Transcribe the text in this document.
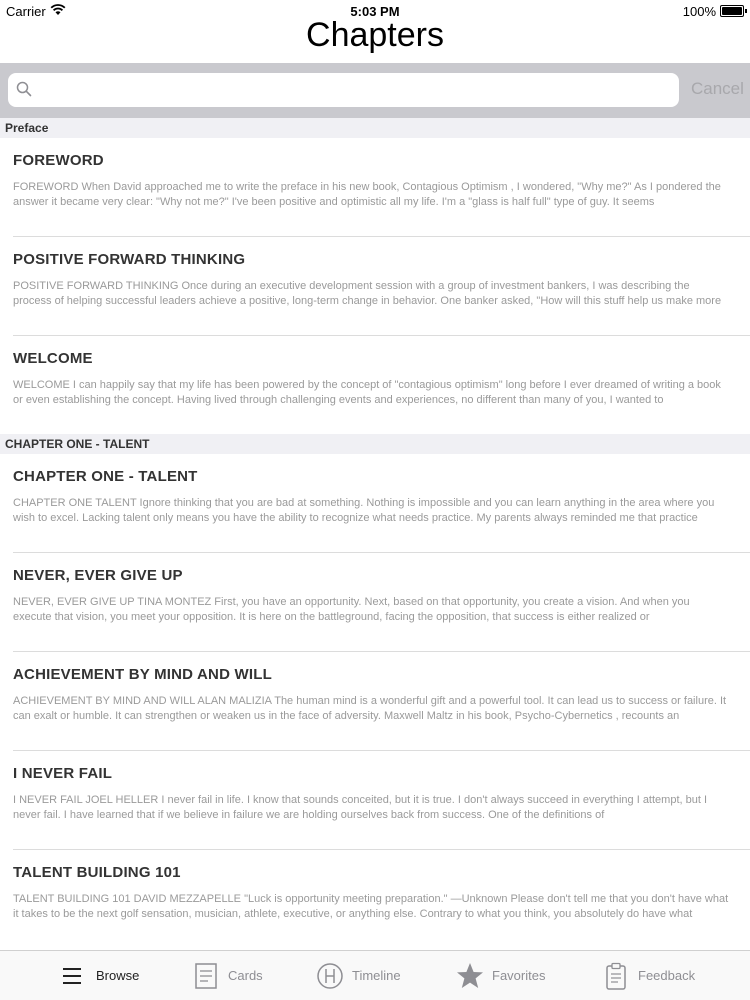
Carrier	5:03 PM	100%
Chapters
Cancel
Preface
FOREWORD
FOREWORD When David approached me to write the preface in his new book, Contagious Optimism , I wondered, "Why me?" As I pondered the answer it became very clear: "Why not me?" I've been positive and optimistic all my life. I'm a "glass is half full" type of guy. It seems
POSITIVE FORWARD THINKING
POSITIVE FORWARD THINKING Once during an executive development session with a group of investment bankers, I was describing the process of helping successful leaders achieve a positive, long-term change in behavior. One banker asked, "How will this stuff help us make more
WELCOME
WELCOME I can happily say that my life has been powered by the concept of "contagious optimism" long before I ever dreamed of writing a book or even establishing the concept. Having lived through challenging events and experiences, no different than many of you, I wanted to
CHAPTER ONE - TALENT
CHAPTER ONE - TALENT
CHAPTER ONE TALENT Ignore thinking that you are bad at something. Nothing is impossible and you can learn anything in the area where you wish to excel. Lacking talent only means you have the ability to recognize what needs practice. My parents always reminded me that practice
NEVER, EVER GIVE UP
NEVER, EVER GIVE UP TINA MONTEZ First, you have an opportunity. Next, based on that opportunity, you create a vision. And when you execute that vision, you meet your opposition. It is here on the battleground, facing the opposition, that success is either realized or
ACHIEVEMENT BY MIND AND WILL
ACHIEVEMENT BY MIND AND WILL ALAN MALIZIA The human mind is a wonderful gift and a powerful tool. It can lead us to success or failure. It can exalt or humble. It can strengthen or weaken us in the face of adversity. Maxwell Maltz in his book, Psycho-Cybernetics , recounts an
I NEVER FAIL
I NEVER FAIL JOEL HELLER I never fail in life. I know that sounds conceited, but it is true. I don't always succeed in everything I attempt, but I never fail. I have learned that if we believe in failure we are holding ourselves back from success. One of the definitions of
TALENT BUILDING 101
TALENT BUILDING 101 DAVID MEZZAPELLE "Luck is opportunity meeting preparation." —Unknown Please don't tell me that you don't have what it takes to be the next golf sensation, musician, athlete, executive, or anything else. Contrary to what you think, you absolutely do have what
Browse	Cards	Timeline	Favorites	Feedback
